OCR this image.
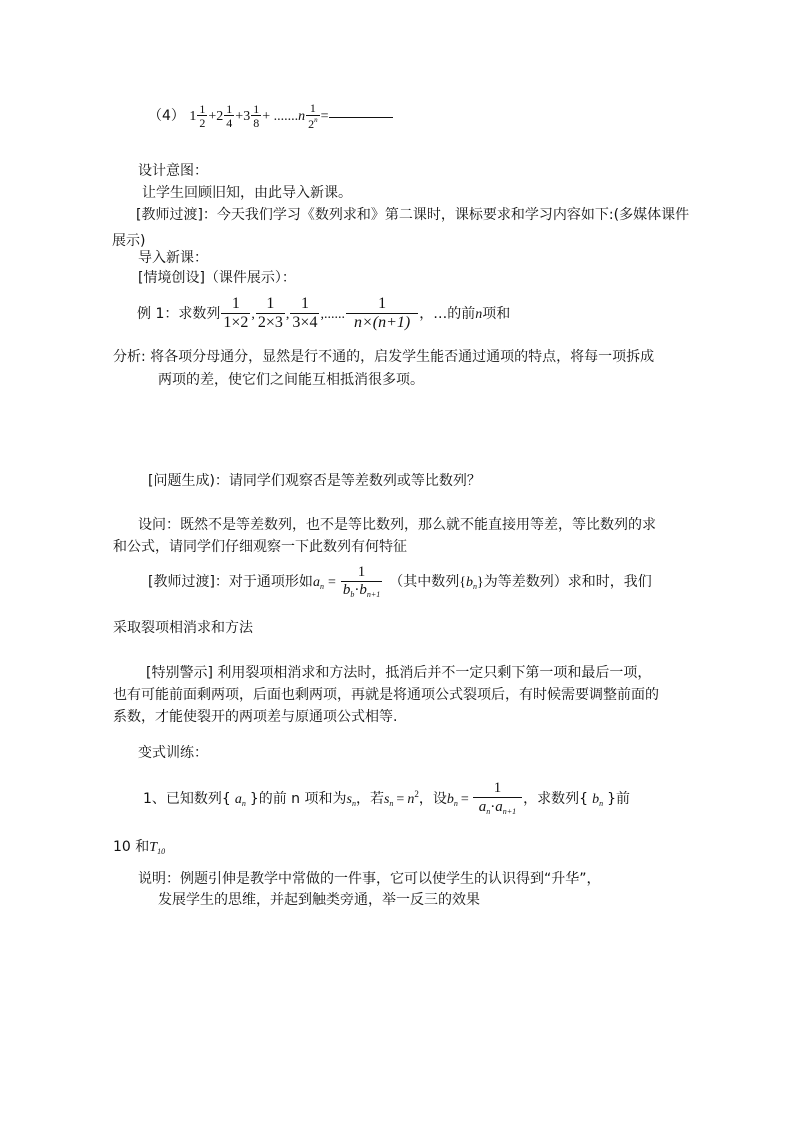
（4） $1 \frac{1}{2} +2 \frac{1}{4} +3 \frac{1}{8} + .......n \frac{1}{2^n}$ =
设计意图：
让学生回顾旧知，由此导入新课。
[教师过渡]：今天我们学习《数列求和》第二课时，课标要求和学习内容如下:(多媒体课件展示)
导入新课：
[情境创设]（课件展示）：
例 1：求数列 $\frac{1}{1\times 2}$ , $\frac{1}{2\times 3}$ , $\frac{1}{3\times 4}$ ,...... $\frac{1}{n\times(n+1)}$ ，…的前n项和
分析: 将各项分母通分，显然是行不通的，启发学生能否通过通项的特点，将每一项拆成
两项的差，使它们之间能互相抵消很多项。
[问题生成)：请同学们观察否是等差数列或等比数列？
设问：既然不是等差数列，也不是等比数列，那么就不能直接用等差，等比数列的求
和公式，请同学们仔细观察一下此数列有何特征
[教师过渡]：对于通项形如$a_n = \frac{1}{b_b\cdot b_{n+1}}$ （其中数列$\{b_n\}$为等差数列）求和时，我们
采取裂项相消求和方法
[特别警示] 利用裂项相消求和方法时，抵消后并不一定只剩下第一项和最后一项，
也有可能前面剩两项，后面也剩两项，再就是将通项公式裂项后，有时候需要调整前面的
系数，才能使裂开的两项差与原通项公式相等.
变式训练：
1、已知数列{ $a_n$ }的前 n 项和为$s_n$，若$s_n = n^2$，设$b_n = \frac{1}{a_n\cdot a_{n+1}}$ ，求数列{ $b_n$ }前
10 和$T_{10}$
说明：例题引伸是教学中常做的一件事，它可以使学生的认识得到“升华”，
发展学生的思维，并起到触类旁通，举一反三的效果
